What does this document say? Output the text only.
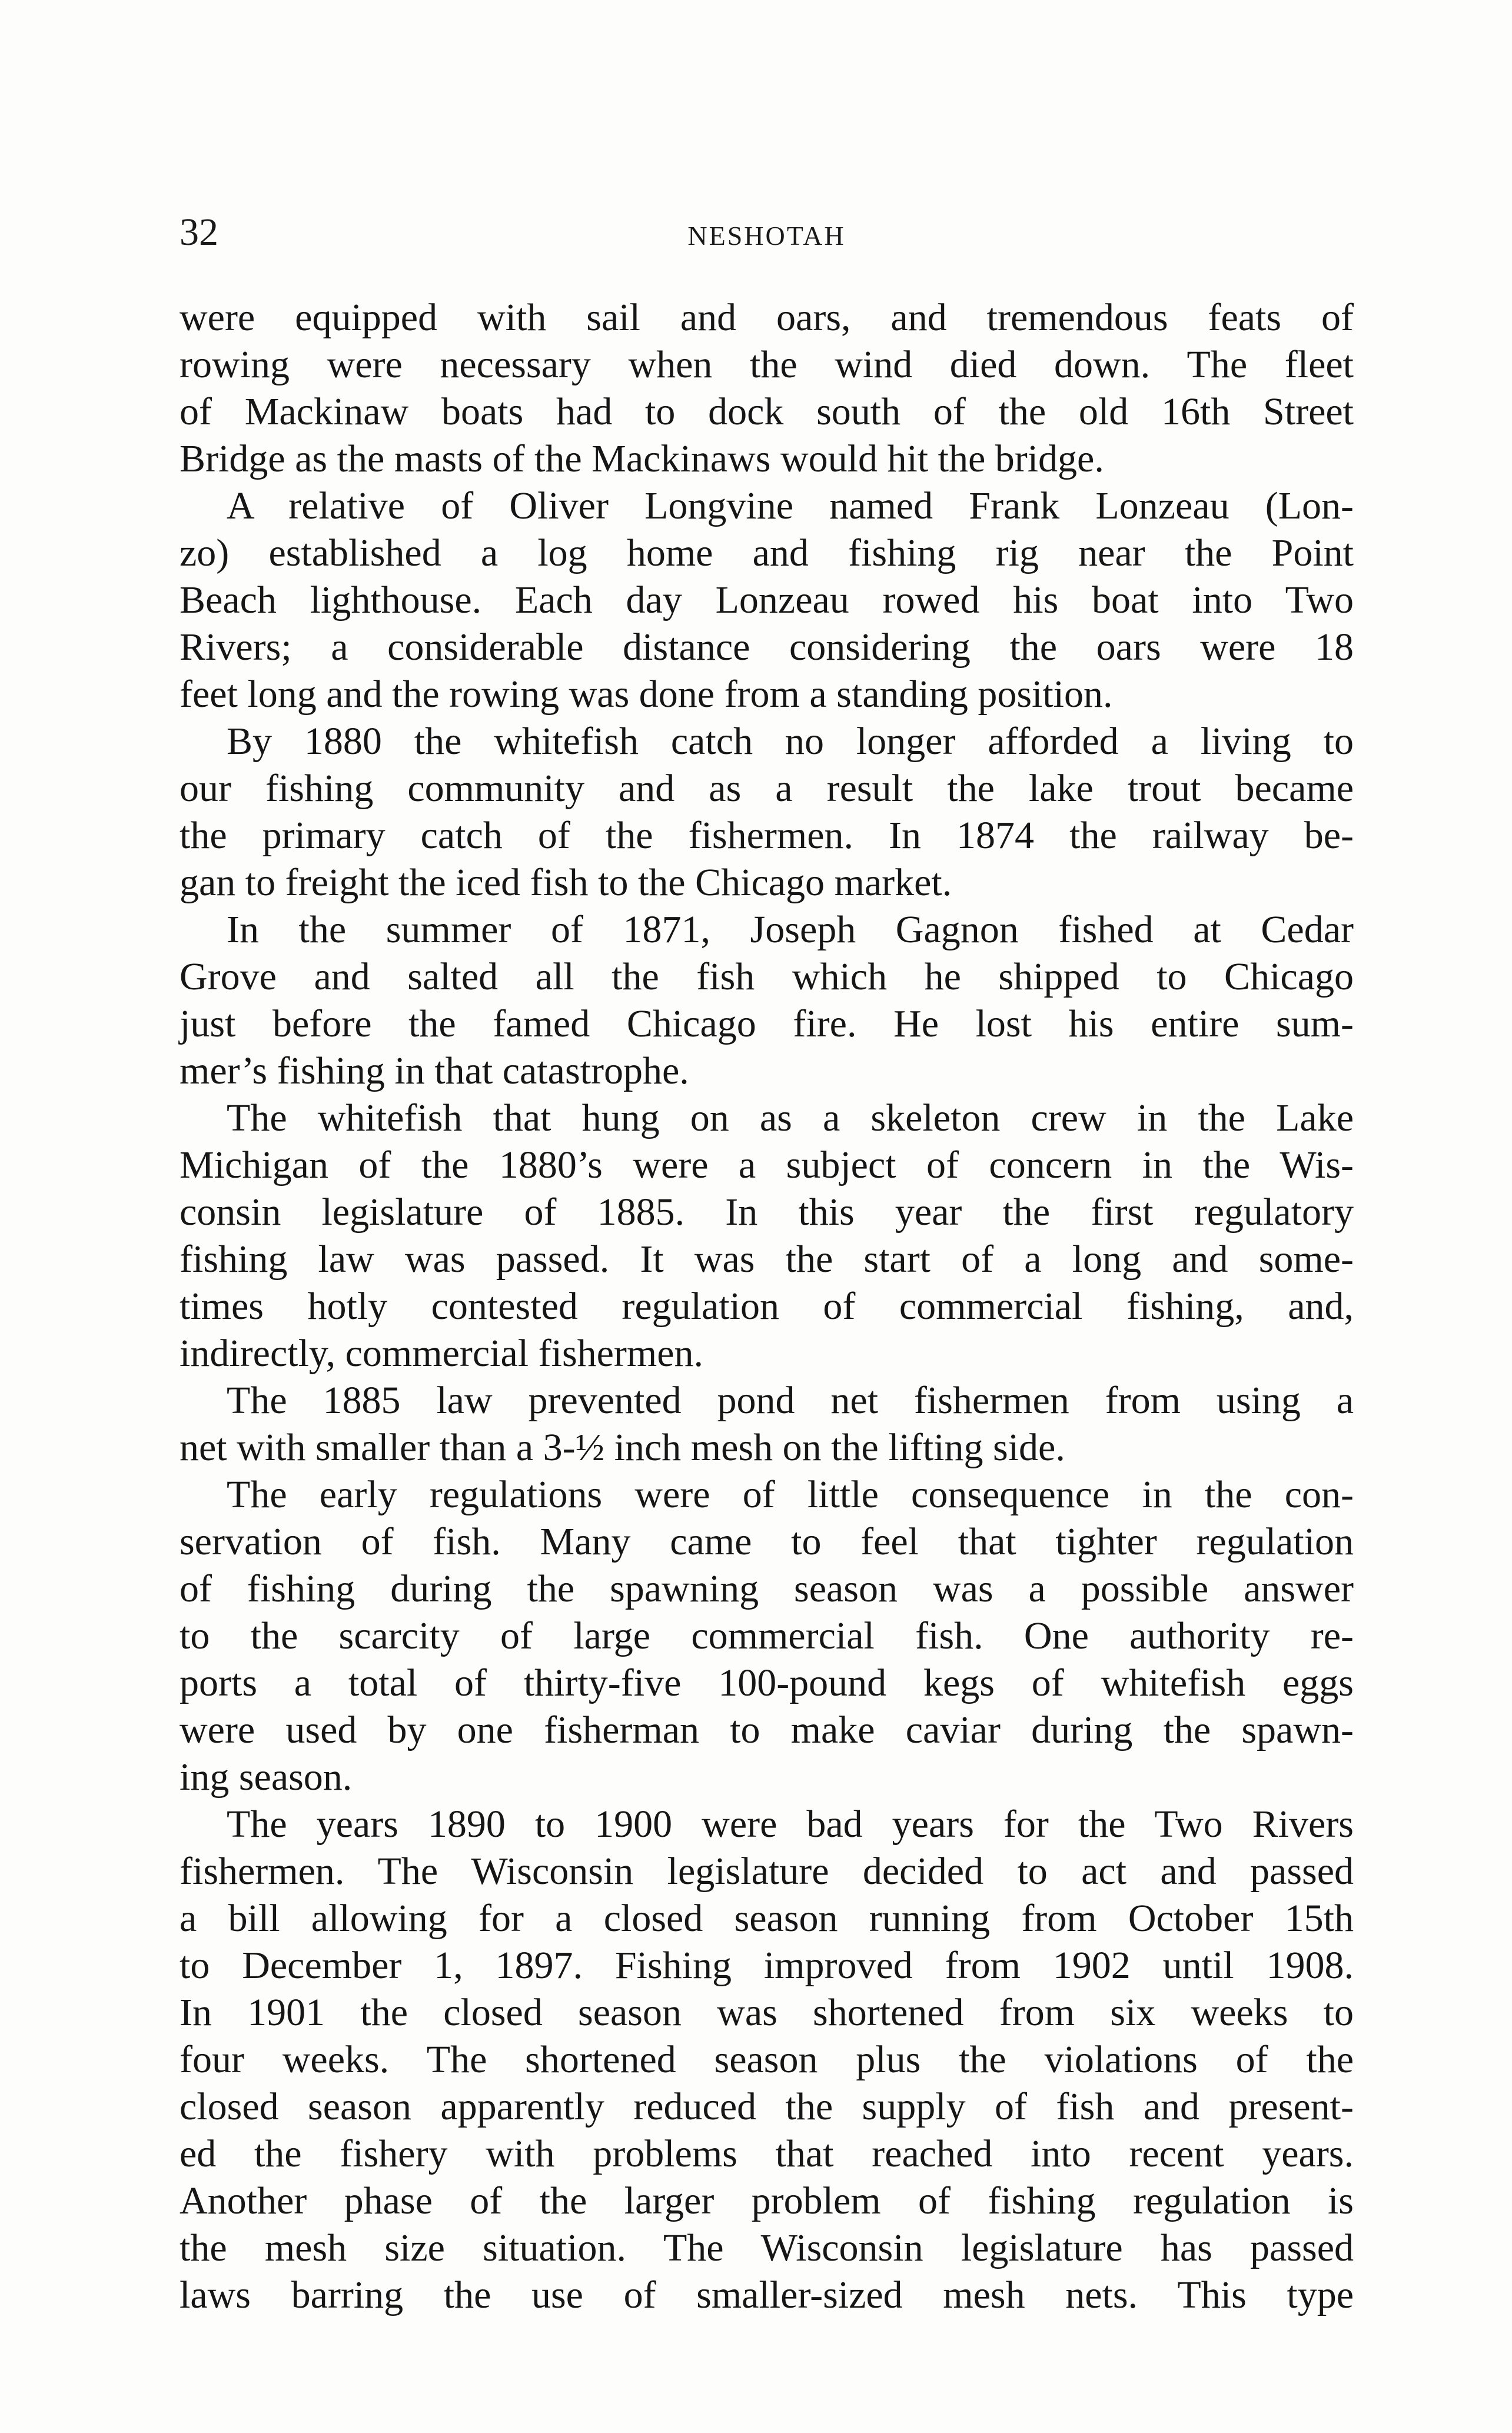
32	NESHOTAH
were equipped with sail and oars, and tremendous feats of
rowing were necessary when the wind died down. The fleet
of Mackinaw boats had to dock south of the old 16th Street
Bridge as the masts of the Mackinaws would hit the bridge.
A relative of Oliver Longvine named Frank Lonzeau (Lon-
zo) established a log home and fishing rig near the Point
Beach lighthouse. Each day Lonzeau rowed his boat into Two
Rivers; a considerable distance considering the oars were 18
feet long and the rowing was done from a standing position.
By 1880 the whitefish catch no longer afforded a living to
our fishing community and as a result the lake trout became
the primary catch of the fishermen. In 1874 the railway be-
gan to freight the iced fish to the Chicago market.
In the summer of 1871, Joseph Gagnon fished at Cedar
Grove and salted all the fish which he shipped to Chicago
just before the famed Chicago fire. He lost his entire sum-
mer’s fishing in that catastrophe.
The whitefish that hung on as a skeleton crew in the Lake
Michigan of the 1880’s were a subject of concern in the Wis-
consin legislature of 1885. In this year the first regulatory
fishing law was passed. It was the start of a long and some-
times hotly contested regulation of commercial fishing, and,
indirectly, commercial fishermen.
The 1885 law prevented pond net fishermen from using a
net with smaller than a 3-½ inch mesh on the lifting side.
The early regulations were of little consequence in the con-
servation of fish. Many came to feel that tighter regulation
of fishing during the spawning season was a possible answer
to the scarcity of large commercial fish. One authority re-
ports a total of thirty-five 100-pound kegs of whitefish eggs
were used by one fisherman to make caviar during the spawn-
ing season.
The years 1890 to 1900 were bad years for the Two Rivers
fishermen. The Wisconsin legislature decided to act and passed
a bill allowing for a closed season running from October 15th
to December 1, 1897. Fishing improved from 1902 until 1908.
In 1901 the closed season was shortened from six weeks to
four weeks. The shortened season plus the violations of the
closed season apparently reduced the supply of fish and present-
ed the fishery with problems that reached into recent years.
Another phase of the larger problem of fishing regulation is
the mesh size situation. The Wisconsin legislature has passed
laws barring the use of smaller-sized mesh nets. This type
